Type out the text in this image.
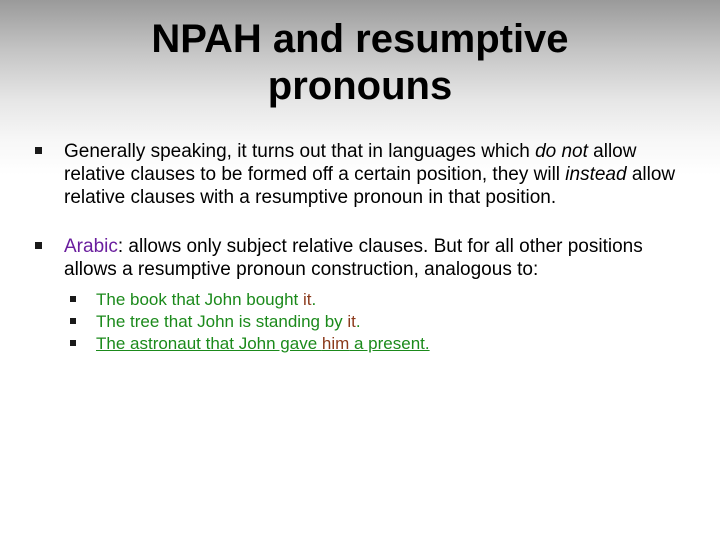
NPAH and resumptive
pronouns

Generally speaking, it turns out that in languages which do not allow relative clauses to be formed off a certain position, they will instead allow relative clauses with a resumptive pronoun in that position.

Arabic: allows only subject relative clauses. But for all other positions allows a resumptive pronoun construction, analogous to:

The book that John bought it.
The tree that John is standing by it.
The astronaut that John gave him a present.
